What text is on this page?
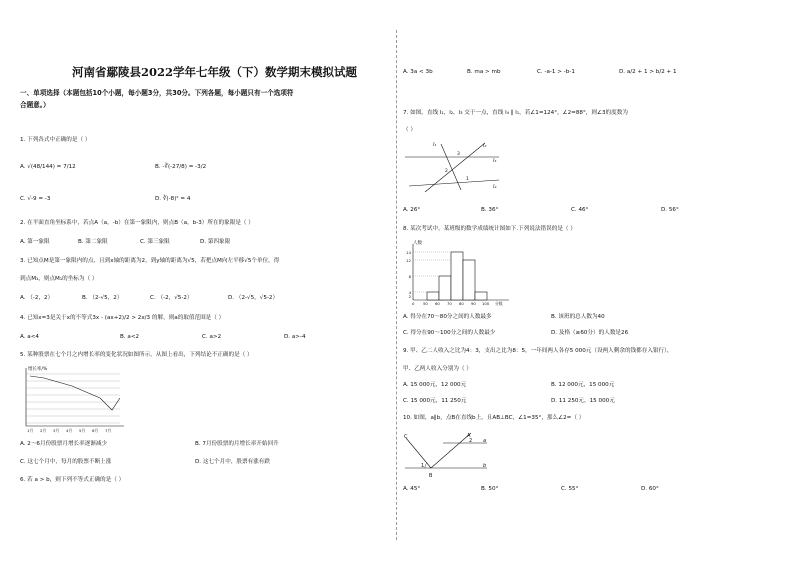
河南省鄢陵县2022学年七年级（下）数学期末模拟试题
一、单项选择（本题包括10个小题，每小题3分，共30分。下列各题，每小题只有一个选项符
合题意。）
1. 下列各式中正确的是（ ）
A. √(48/144) = 7/12	B. -∛(-27/8) = -3/2
C. √-9 = -3	D. ∛(-8)² = 4
2. 在平面直角坐标系中，若点A（a，-b）在第一象限内，则点B（a，b-3）所在的象限是（ ）
A. 第一象限	B. 第二象限	C. 第三象限	D. 第四象限
3. 已知点M是第一象限内的点，且到x轴的距离为2，到y轴的距离为√5，若把点M向左平移√5个单位，得
到点M₁，则点M₁的坐标为（ ）
A. （-2，2）	B. （2-√5，2）	C. （-2，√5-2）	D. （2-√5，√5-2）
4. 已知x=3是关于x的不等式3x - (ax+2)/2 > 2x/3 的解，则a的取值范围是（ ）
A. a<4	B. a<2	C. a>2	D. a>-4
5. 某种股票在七个月之内增长率的变化状况如图所示，从图上看出，下列结论不正确的是（ ）
增长率/%
1月 2月 3月 4月 5月 6月 7月
A. 2～6月份股票月增长率逐渐减少	B. 7月份股票的月增长率开始回升
C. 这七个月中，每月的股票不断上涨	D. 这七个月中，股票有涨有跌
6. 若 a > b，则下列不等式正确的是（ ）
A. 3a < 3b	B. ma > mb	C. -a-1 > -b-1	D. a/2 + 1 > b/2 + 1
7. 如图，直线 l₁，l₂，l₃ 交于一点，直线 l₄ ∥ l₁，若∠1=124°，∠2=88°，则∠3的度数为
（ ）
l₁	l₂
l₃
l₄
3
2
1
A. 26°	B. 36°	C. 46°	D. 56°
8. 某次考试中，某班级的数学成绩统计图如下.下列说法错误的是（ ）
人数
14
12
8
4
2
0 50 60 70 80 90 100 分数
A. 得分在70～80分之间的人数最多	B. 该班的总人数为40
C. 得分在90～100分之间的人数最少	D. 及格（≥60分）的人数是26
9. 甲、乙二人收入之比为4：3，支出之比为8：5，一年间两人各存5 000元（设两人剩余的钱都存入银行），
甲、乙两人收入分别为（ ）
A. 15 000元，12 000元	B. 12 000元，15 000元
C. 15 000元，11 250元	D. 11 250元，15 000元
10. 如图，a∥b，点B在直线b上，且AB⊥BC，∠1=35°，那么∠2=（ ）
C	A
B
a
b
1
2
A. 45°	B. 50°	C. 55°	D. 60°
